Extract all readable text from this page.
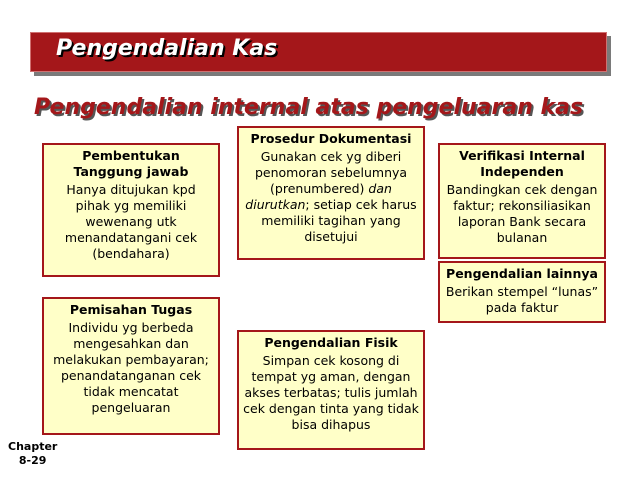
Pengendalian Kas
Pengendalian internal atas pengeluaran kas
Pembentukan Tanggung jawab
Hanya ditujukan kpd pihak yg memiliki wewenang utk menandatangani cek (bendahara)
Prosedur Dokumentasi
Gunakan cek yg diberi penomoran sebelumnya (prenumbered) dan diurutkan; setiap cek harus memiliki tagihan yang disetujui
Verifikasi Internal Independen
Bandingkan cek dengan faktur; rekonsiliasikan laporan Bank secara bulanan
Pengendalian lainnya
Berikan stempel “lunas” pada faktur
Pemisahan Tugas
Individu yg berbeda mengesahkan dan melakukan pembayaran; penandatanganan cek tidak mencatat pengeluaran
Pengendalian Fisik
Simpan cek kosong di tempat yg aman, dengan akses terbatas; tulis jumlah cek dengan tinta yang tidak bisa dihapus
Chapter
8-29
